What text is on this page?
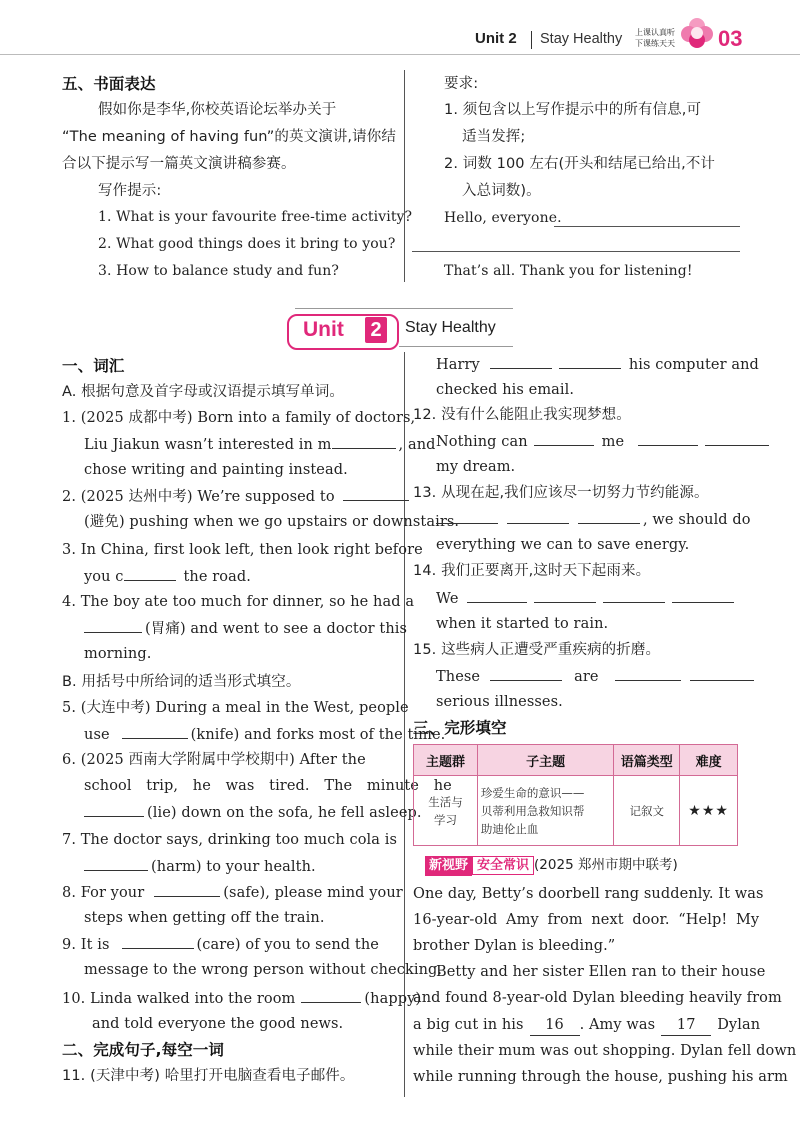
Unit 2 Stay Healthy 上课认真听
下课练天天 03
五、书面表达
假如你是李华,你校英语论坛举办关于
“The meaning of having fun”的英文演讲,请你结
合以下提示写一篇英文演讲稿参赛。
写作提示:
1. What is your favourite free-time activity?
2. What good things does it bring to you?
3. How to balance study and fun?
要求:
1. 须包含以上写作提示中的所有信息,可
适当发挥;
2. 词数 100 左右(开头和结尾已给出,不计
入总词数)。
Hello, everyone.
That’s all. Thank you for listening!
Unit 2	Stay Healthy
一、词汇
A. 根据句意及首字母或汉语提示填写单词。
1. (2025 成都中考) Born into a family of doctors,
Liu Jiakun wasn’t interested in m	, and
chose writing and painting instead.
2. (2025 达州中考) We’re supposed to
(避免) pushing when we go upstairs or downstairs.
3. In China, first look left, then look right before
you c	the road.
4. The boy ate too much for dinner, so he had a
(胃痛) and went to see a doctor this
morning.
B. 用括号中所给词的适当形式填空。
5. (大连中考) During a meal in the West, people
use	(knife) and forks most of the time.
6. (2025 西南大学附属中学校期中) After the
school trip, he was tired. The minute he
(lie) down on the sofa, he fell asleep.
7. The doctor says, drinking too much cola is
(harm) to your health.
8. For your	(safe), please mind your
steps when getting off the train.
9. It is	(care) of you to send the
message to the wrong person without checking.
10. Linda walked into the room	(happy)
and told everyone the good news.
二、完成句子,每空一词
11. (天津中考) 哈里打开电脑查看电子邮件。
Harry	his computer and
checked his email.
12. 没有什么能阻止我实现梦想。
Nothing can	me
my dream.
13. 从现在起,我们应该尽一切努力节约能源。
, we should do
everything we can to save energy.
14. 我们正要离开,这时天下起雨来。
We
when it started to rain.
15. 这些病人正遭受严重疾病的折磨。
These	are
serious illnesses.
三、完形填空
主题群	子主题	语篇类型	难度
生活与
学习	珍爱生命的意识——
贝蒂利用急救知识帮
助迪伦止血	记叙文	★★★
新视野 安全常识 (2025 郑州市期中联考)
One day, Betty’s doorbell rang suddenly. It was
16-year-old Amy from next door. “Help! My
brother Dylan is bleeding.”
Betty and her sister Ellen ran to their house
and found 8-year-old Dylan bleeding heavily from
a big cut in his 16 . Amy was 17 Dylan
while their mum was out shopping. Dylan fell down
while running through the house, pushing his arm
